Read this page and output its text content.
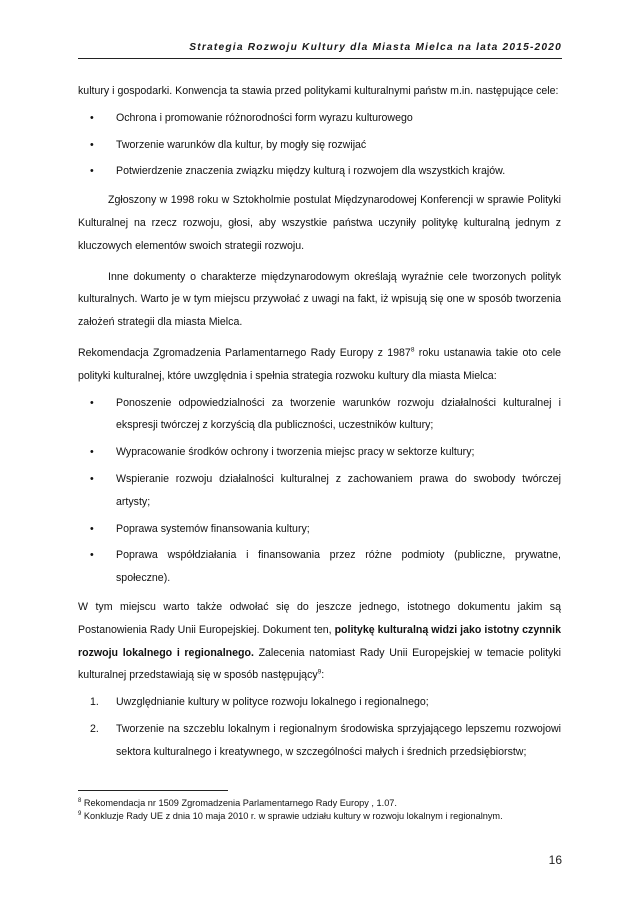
Strategia Rozwoju Kultury dla Miasta Mielca na lata 2015-2020

kultury i gospodarki. Konwencja ta stawia przed politykami kulturalnymi państw m.in. następujące cele:

• Ochrona i promowanie różnorodności form wyrazu kulturowego
• Tworzenie warunków dla kultur, by mogły się rozwijać
• Potwierdzenie znaczenia związku między kulturą i rozwojem dla wszystkich krajów.

Zgłoszony w 1998 roku w Sztokholmie postulat Międzynarodowej Konferencji w sprawie Polityki Kulturalnej na rzecz rozwoju, głosi, aby wszystkie państwa uczyniły politykę kulturalną jednym z kluczowych elementów swoich strategii rozwoju.

Inne dokumenty o charakterze międzynarodowym określają wyraźnie cele tworzonych polityk kulturalnych. Warto je w tym miejscu przywołać z uwagi na fakt, iż wpisują się one w sposób tworzenia założeń strategii dla miasta Mielca.

Rekomendacja Zgromadzenia Parlamentarnego Rady Europy z 1987$^8$ roku ustanawia takie oto cele polityki kulturalnej, które uwzględnia i spełnia strategia rozwoku kultury dla miasta Mielca:

• Ponoszenie odpowiedzialności za tworzenie warunków rozwoju działalności kulturalnej i ekspresji twórczej z korzyścią dla publiczności, uczestników kultury;
• Wypracowanie środków ochrony i tworzenia miejsc pracy w sektorze kultury;
• Wspieranie rozwoju działalności kulturalnej z zachowaniem prawa do swobody twórczej artysty;
• Poprawa systemów finansowania kultury;
• Poprawa współdziałania i finansowania przez różne podmioty (publiczne, prywatne, społeczne).

W tym miejscu warto także odwołać się do jeszcze jednego, istotnego dokumentu jakim są Postanowienia Rady Unii Europejskiej. Dokument ten, politykę kulturalną widzi jako istotny czynnik rozwoju lokalnego i regionalnego. Zalecenia natomiast Rady Unii Europejskiej w temacie polityki kulturalnej przedstawiają się w sposób następujący$^9$:

1. Uwzględnianie kultury w polityce rozwoju lokalnego i regionalnego;
2. Tworzenie na szczeblu lokalnym i regionalnym środowiska sprzyjającego lepszemu rozwojowi sektora kulturalnego i kreatywnego, w szczególności małych i średnich przedsiębiorstw;
$^8$ Rekomendacja nr 1509 Zgromadzenia Parlamentarnego Rady Europy , 1.07.
$^9$ Konkluzje Rady UE z dnia 10 maja 2010 r. w sprawie udziału kultury w rozwoju lokalnym i regionalnym.
16
